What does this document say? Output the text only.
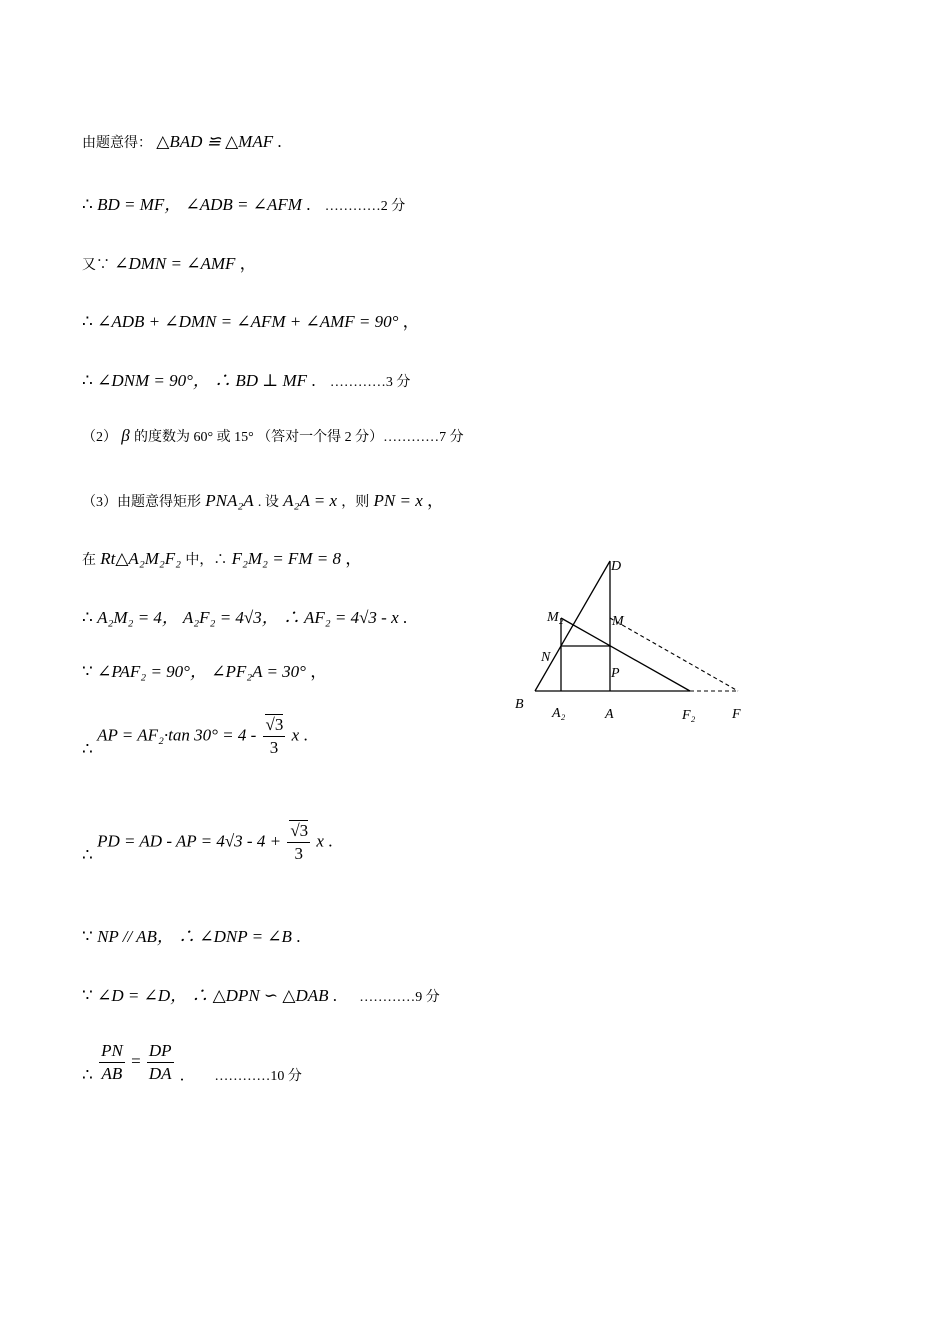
由题意得： △BAD ≌ △MAF .
∴ BD = MF， ∠ADB = ∠AFM . …………2 分
又∵ ∠DMN = ∠AMF ，
∴ ∠ADB + ∠DMN = ∠AFM + ∠AMF = 90° ，
∴ ∠DNM = 90°， ∴ BD ⊥ MF . …………3 分
（2） β 的度数为 60° 或 15° （答对一个得 2 分）…………7 分
（3）由题意得矩形 PNA₂A . 设 A₂A = x ，则 PN = x ，
在 Rt△A₂M₂F₂ 中，∴ F₂M₂ = FM = 8 ，
∴ A₂M₂ = 4， A₂F₂ = 4√3， ∴ AF₂ = 4√3 - x .
∵ ∠PAF₂ = 90°， ∠PF₂A = 30° ，
∴ AP = AF₂·tan $30^\circ = 4 - \frac{√3}{3}$ x .
∴ PD = AD - AP = $4√3 - 4 + \frac{√3}{3}$ x .
∵ NP // AB， ∴ ∠DNP = ∠B .
∵ ∠D = ∠D， ∴ △DPN ∽ △DAB . …………9 分
∴ $\frac{PN}{AB} = \frac{DP}{DA}$ . $_{\dots\dots\dots\dots 10 分}$
D
M₂	M
N
P
B
A₂	A	F₂	F
